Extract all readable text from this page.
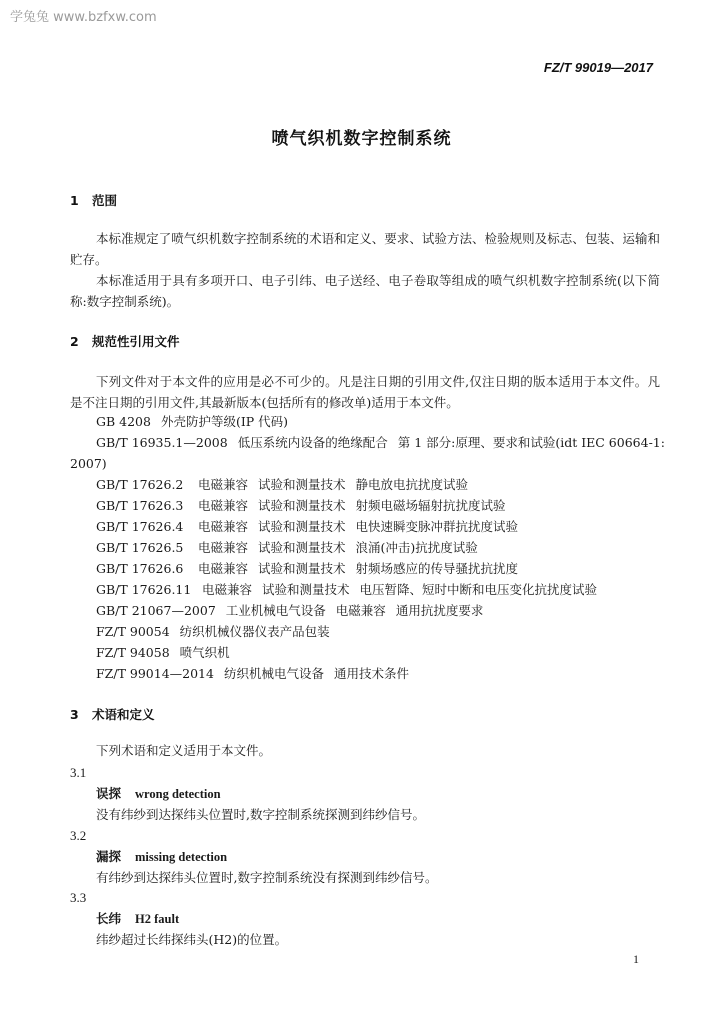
学兔兔 www.bzfxw.com
FZ/T 99019—2017
喷气织机数字控制系统
1 范围

本标准规定了喷气织机数字控制系统的术语和定义、要求、试验方法、检验规则及标志、包装、运输和贮存。

本标准适用于具有多项开口、电子引纬、电子送经、电子卷取等组成的喷气织机数字控制系统(以下简称:数字控制系统)。

2 规范性引用文件

下列文件对于本文件的应用是必不可少的。凡是注日期的引用文件,仅注日期的版本适用于本文件。凡是不注日期的引用文件,其最新版本(包括所有的修改单)适用于本文件。

GB 4208 外壳防护等级(IP 代码)
GB/T 16935.1—2008 低压系统内设备的绝缘配合 第 1 部分:原理、要求和试验(idt IEC 60664-1:
2007)
GB/T 17626.2 电磁兼容 试验和测量技术 静电放电抗扰度试验
GB/T 17626.3 电磁兼容 试验和测量技术 射频电磁场辐射抗扰度试验
GB/T 17626.4 电磁兼容 试验和测量技术 电快速瞬变脉冲群抗扰度试验
GB/T 17626.5 电磁兼容 试验和测量技术 浪涌(冲击)抗扰度试验
GB/T 17626.6 电磁兼容 试验和测量技术 射频场感应的传导骚扰抗扰度
GB/T 17626.11 电磁兼容 试验和测量技术 电压暂降、短时中断和电压变化抗扰度试验
GB/T 21067—2007 工业机械电气设备 电磁兼容 通用抗扰度要求
FZ/T 90054 纺织机械仪器仪表产品包装
FZ/T 94058 喷气织机
FZ/T 99014—2014 纺织机械电气设备 通用技术条件
3 术语和定义
下列术语和定义适用于本文件。
3.1
误探 wrong detection
没有纬纱到达探纬头位置时,数字控制系统探测到纬纱信号。
3.2
漏探 missing detection
有纬纱到达探纬头位置时,数字控制系统没有探测到纬纱信号。
3.3
长纬 H2 fault
纬纱超过长纬探纬头(H2)的位置。
1
